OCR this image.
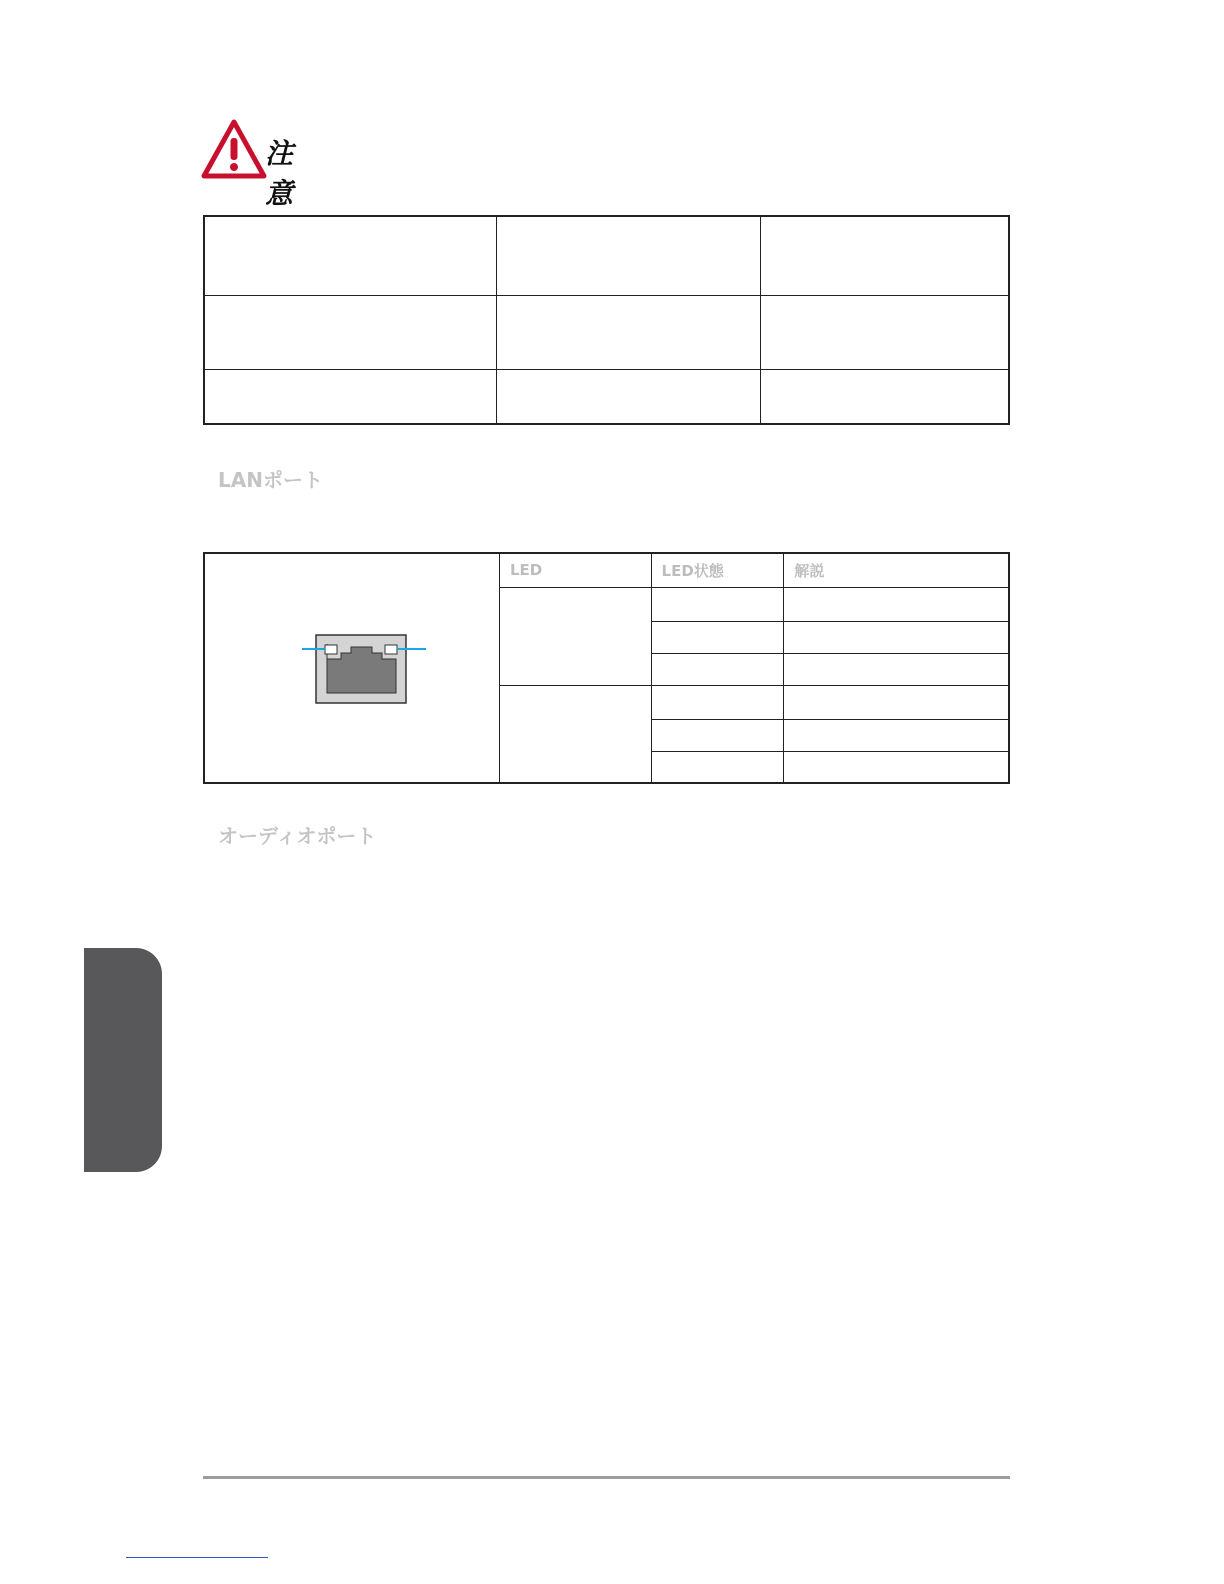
注意

LANポート
	LED	LED状態	解説

オーディオポート
